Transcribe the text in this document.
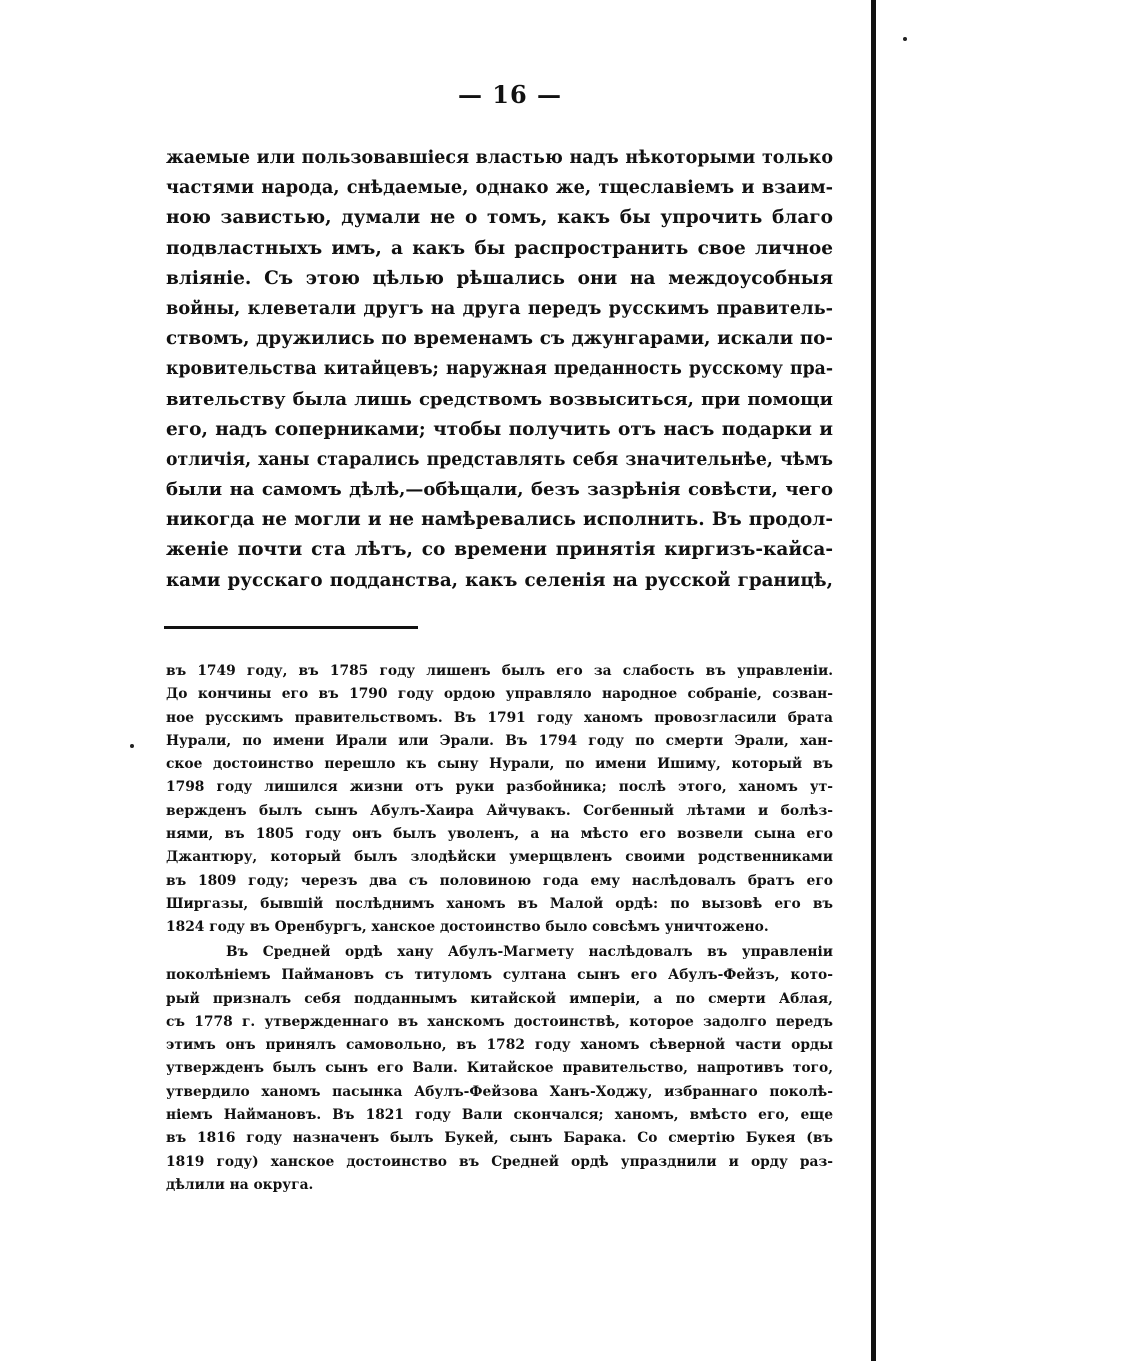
— 16 —
жаемые или пользовавшiеся властью надъ нѣкоторыми только
частями народа, снѣдаемые, однако же, тщеславiемъ и взаим-
ною завистью, думали не о томъ, какъ бы упрочить благо
подвластныхъ имъ, а какъ бы распространить свое личное
влiянiе. Съ этою цѣлью рѣшались они на междоусобныя
войны, клеветали другъ на друга передъ русскимъ правитель-
ствомъ, дружились по временамъ съ джунгарами, искали по-
кровительства китайцевъ; наружная преданность русскому пра-
вительству была лишь средствомъ возвыситься, при помощи
его, надъ соперниками; чтобы получить отъ насъ подарки и
отличiя, ханы старались представлять себя значительнѣе, чѣмъ
были на самомъ дѣлѣ,—обѣщали, безъ зазрѣнiя совѣсти, чего
никогда не могли и не намѣревались исполнить. Въ продол-
женiе почти ста лѣтъ, со времени принятiя киргизъ-кайса-
ками русскаго подданства, какъ селенiя на русской границѣ,
въ 1749 году, въ 1785 году лишенъ былъ его за слабость въ управленiи.
До кончины его въ 1790 году ордою управляло народное собранiе, созван-
ное русскимъ правительствомъ. Въ 1791 году ханомъ провозгласили брата
Нурали, по имени Ирали или Эрали. Въ 1794 году по смерти Эрали, хан-
ское достоинство перешло къ сыну Нурали, по имени Ишиму, который въ
1798 году лишился жизни отъ руки разбойника; послѣ этого, ханомъ ут-
вержденъ былъ сынъ Абулъ-Хаира Айчувакъ. Согбенный лѣтами и болѣз-
нями, въ 1805 году онъ былъ уволенъ, а на мѣсто его возвели сына его
Джантюру, который былъ злодѣйски умерщвленъ своими родственниками
въ 1809 году; черезъ два съ половиною года ему наслѣдовалъ братъ его
Ширгазы, бывшiй послѣднимъ ханомъ въ Малой ордѣ: по вызовѣ его въ
1824 году въ Оренбургъ, ханское достоинство было совсѣмъ уничтожено.
Въ Средней ордѣ хану Абулъ-Магмету наслѣдовалъ въ управленiи
поколѣнiемъ Паймановъ съ титуломъ султана сынъ его Абулъ-Фейзъ, кото-
рый призналъ себя подданнымъ китайской имперiи, а по смерти Аблая,
съ 1778 г. утвержденнаго въ ханскомъ достоинствѣ, которое задолго передъ
этимъ онъ принялъ самовольно, въ 1782 году ханомъ сѣверной части орды
утвержденъ былъ сынъ его Вали. Китайское правительство, напротивъ того,
утвердило ханомъ пасынка Абулъ-Фейзова Ханъ-Ходжу, избраннаго поколѣ-
нiемъ Наймановъ. Въ 1821 году Вали скончался; ханомъ, вмѣсто его, еще
въ 1816 году назначенъ былъ Букей, сынъ Барака. Со смертiю Букея (въ
1819 году) ханское достоинство въ Средней ордѣ упразднили и орду раз-
дѣлили на округа.
